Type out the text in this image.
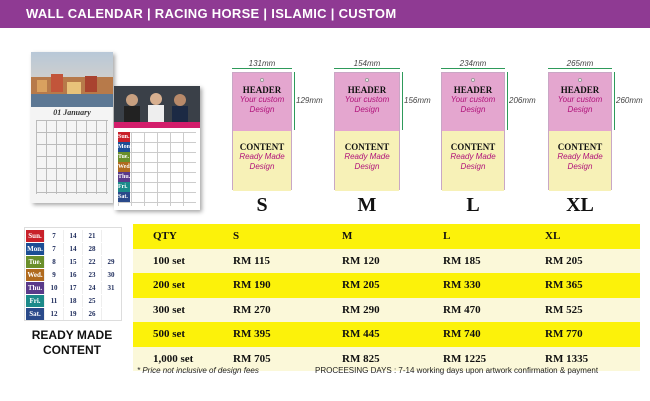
WALL CALENDAR | RACING HORSE | ISLAMIC | CUSTOM
01 January
Sun.
Mon.
Tue.
Wed.
Thu.
Fri.
Sat.
Sun.	7	14	21
Mon.	7	14	28
Tue.	8	15	22	29
Wed.	9	16	23	30
Thu.	10	17	24	31
Fri.	11	18	25
Sat.	12	19	26
READY MADE
CONTENT
131mm
129mm
HEADER
Your custom
Design
CONTENT
Ready Made
Design
S
154mm
156mm
HEADER
Your custom
Design
CONTENT
Ready Made
Design
M
234mm
206mm
HEADER
Your custom
Design
CONTENT
Ready Made
Design
L
265mm
260mm
HEADER
Your custom
Design
CONTENT
Ready Made
Design
XL
QTY	S	M	L	XL
100 set	RM 115	RM 120	RM 185	RM 205
200 set	RM 190	RM 205	RM 330	RM 365
300 set	RM 270	RM 290	RM 470	RM 525
500 set	RM 395	RM 445	RM 740	RM 770
1,000 set	RM 705	RM 825	RM 1225	RM 1335
* Price not inclusive of design fees	PROCEESING DAYS : 7-14 working days upon artwork confirmation & payment
